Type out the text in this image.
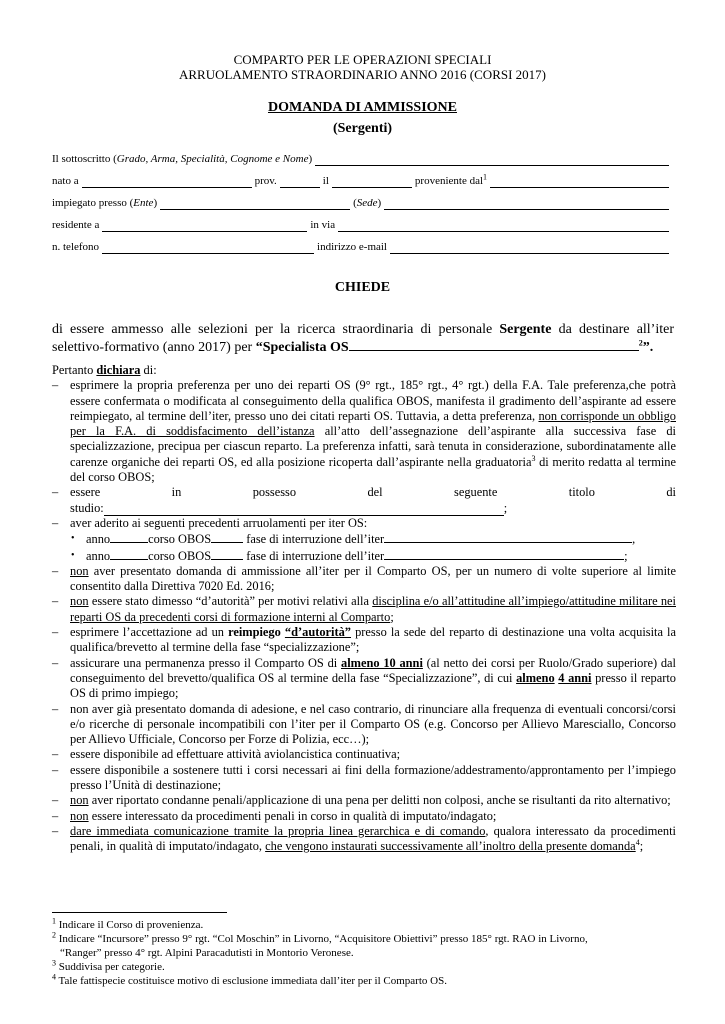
COMPARTO PER LE OPERAZIONI SPECIALI
ARRUOLAMENTO STRAORDINARIO ANNO 2016 (CORSI 2017)
DOMANDA DI AMMISSIONE
(Sergenti)
Il sottoscritto ( Grado, Arma, Specialità, Cognome e Nome )
nato a	prov.	il	proveniente dal$^1$
impiegato presso ( Ente )	( Sede )
residente a	in via
n. telefono	indirizzo e-mail
CHIEDE
di essere ammesso alle selezioni per la ricerca straordinaria di personale Sergente da destinare all’iter selettivo-formativo (anno 2017) per “Specialista OS	$^2$”.

Pertanto dichiara di:

– esprimere la propria preferenza per uno dei reparti OS (9° rgt., 185° rgt., 4° rgt.) della F.A. Tale preferenza,che potrà essere confermata o modificata al conseguimento della qualifica OBOS, manifesta il gradimento dell’aspirante ad essere reimpiegato, al termine dell’iter, presso uno dei citati reparti OS. Tuttavia, a detta preferenza, non corrisponde un obbligo per la F.A. di soddisfacimento dell’istanza all’atto dell’assegnazione dell’aspirante alla successiva fase di specializzazione, precipua per ciascun reparto. La preferenza infatti, sarà tenuta in considerazione, subordinatamente alle carenze organiche dei reparti OS, ed alla posizione ricoperta dall’aspirante nella graduatoria$^3$ di merito redatta al termine del corso OBOS;

– essere	in	possesso	del	seguente	titolo	di
studio:	;

– aver aderito ai seguenti precedenti arruolamenti per iter OS:

• anno	corso OBOS	fase di interruzione dell’iter	,

• anno	corso OBOS	fase di interruzione dell’iter	;

– non aver presentato domanda di ammissione all’iter per il Comparto OS, per un numero di volte superiore al limite consentito dalla Direttiva 7020 Ed. 2016;

– non essere stato dimesso “d’autorità” per motivi relativi alla disciplina e/o all’attitudine all’impiego/attitudine militare nei reparti OS da precedenti corsi di formazione interni al Comparto;

– esprimere l’accettazione ad un reimpiego “d’autorità” presso la sede del reparto di destinazione una volta acquisita la qualifica/brevetto al termine della fase “specializzazione”;

– assicurare una permanenza presso il Comparto OS di almeno 10 anni (al netto dei corsi per Ruolo/Grado superiore) dal conseguimento del brevetto/qualifica OS al termine della fase “Specializzazione”, di cui almeno 4 anni presso il reparto OS di primo impiego;

– non aver già presentato domanda di adesione, e nel caso contrario, di rinunciare alla frequenza di eventuali concorsi/corsi e/o ricerche di personale incompatibili con l’iter per il Comparto OS (e.g. Concorso per Allievo Maresciallo, Concorso per Allievo Ufficiale, Concorso per Forze di Polizia, ecc…);

– essere disponibile ad effettuare attività aviolancistica continuativa;

– essere disponibile a sostenere tutti i corsi necessari ai fini della formazione/addestramento/approntamento per l’impiego presso l’Unità di destinazione;

– non aver riportato condanne penali/applicazione di una pena per delitti non colposi, anche se risultanti da rito alternativo;

– non essere interessato da procedimenti penali in corso in qualità di imputato/indagato;

– dare immediata comunicazione tramite la propria linea gerarchica e di comando, qualora interessato da procedimenti penali, in qualità di imputato/indagato, che vengono instaurati successivamente all’inoltro della presente domanda$^4$;

$^1$ Indicare il Corso di provenienza.

$^2$ Indicare “Incursore” presso 9° rgt. “Col Moschin” in Livorno, “Acquisitore Obiettivi” presso 185° rgt. RAO in Livorno,

“Ranger” presso 4° rgt. Alpini Paracadutisti in Montorio Veronese.

$^3$ Suddivisa per categorie.

$^4$ Tale fattispecie costituisce motivo di esclusione immediata dall’iter per il Comparto OS.
